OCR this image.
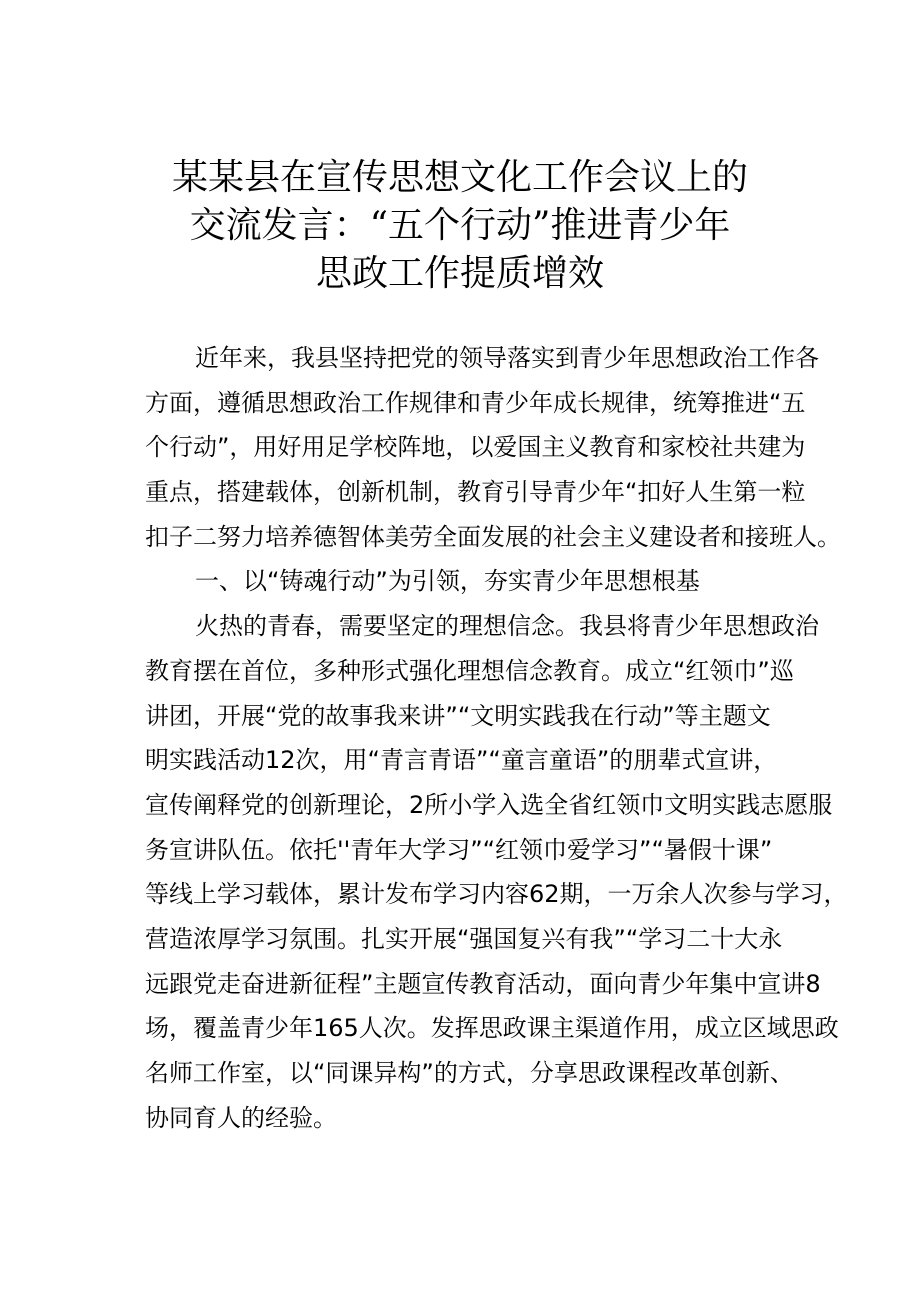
某某县在宣传思想文化工作会议上的
交流发言：“五个行动”推进青少年
思政工作提质增效
近年来，我县坚持把党的领导落实到青少年思想政治工作各
方面，遵循思想政治工作规律和青少年成长规律，统筹推进“五
个行动”，用好用足学校阵地，以爱国主义教育和家校社共建为
重点，搭建载体，创新机制，教育引导青少年“扣好人生第一粒
扣子二努力培养德智体美劳全面发展的社会主义建设者和接班人。
一、以“铸魂行动”为引领，夯实青少年思想根基
火热的青春，需要坚定的理想信念。我县将青少年思想政治
教育摆在首位，多种形式强化理想信念教育。成立“红领巾”巡
讲团，开展“党的故事我来讲”“文明实践我在行动”等主题文
明实践活动12次，用“青言青语”“童言童语”的朋辈式宣讲，
宣传阐释党的创新理论，2所小学入选全省红领巾文明实践志愿服
务宣讲队伍。依托''青年大学习”“红领巾爱学习”“暑假十课”
等线上学习载体，累计发布学习内容62期，一万余人次参与学习，
营造浓厚学习氛围。扎实开展“强国复兴有我”“学习二十大永
远跟党走奋进新征程”主题宣传教育活动，面向青少年集中宣讲8
场，覆盖青少年165人次。发挥思政课主渠道作用，成立区域思政
名师工作室，以“同课异构”的方式，分享思政课程改革创新、
协同育人的经验。
